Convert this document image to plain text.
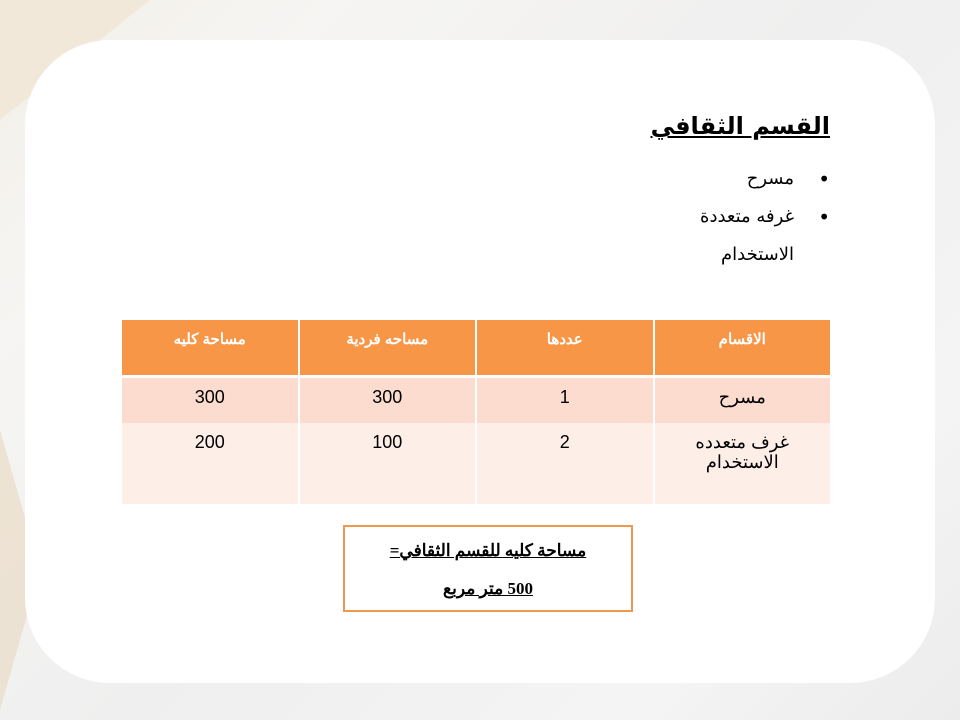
القسم الثقافي
• مسرح
• غرفه متعددة
الاستخدام
الاقسام	عددها	مساحه فردية	مساحة كليه
مسرح	1	300	300
غرف متعدده الاستخدام	2	100	200
مساحة كليه للقسم الثقافي=
500 متر مربع
